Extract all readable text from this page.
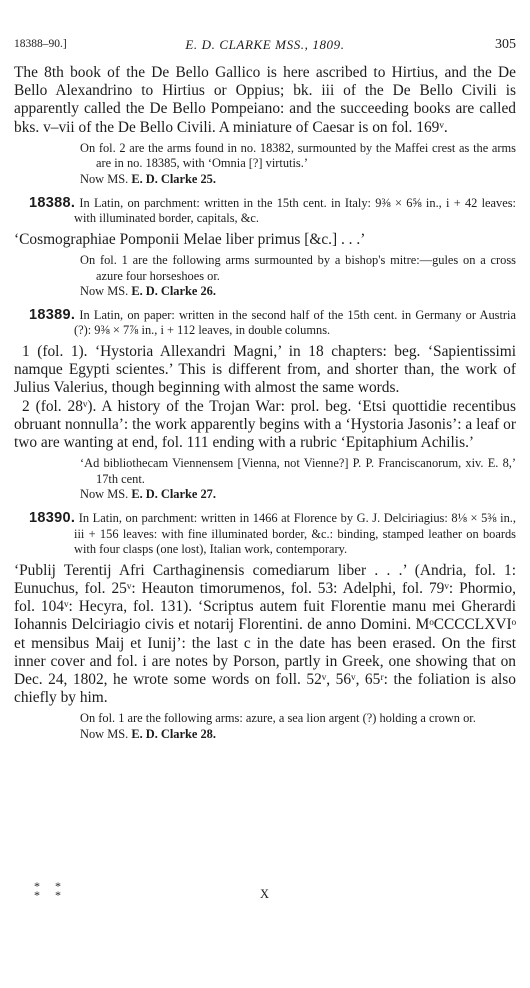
18388–90.]	E. D. CLARKE MSS., 1809.	305

The 8th book of the De Bello Gallico is here ascribed to Hirtius, and the De Bello Alexandrino to Hirtius or Oppius; bk. iii of the De Bello Civili is apparently called the De Bello Pompeiano: and the succeeding books are called bks. v–vii of the De Bello Civili. A miniature of Caesar is on fol. 169ᵛ.

On fol. 2 are the arms found in no. 18382, surmounted by the Maffei crest as the arms are in no. 18385, with ‘Omnia [?] virtutis.’

Now MS. E. D. Clarke 25.

18388. In Latin, on parchment: written in the 15th cent. in Italy: 9⅜ × 6⅝ in., i + 42 leaves: with illuminated border, capitals, &c.

‘Cosmographiae Pomponii Melae liber primus [&c.] . . .’

On fol. 1 are the following arms surmounted by a bishop's mitre:—gules on a cross azure four horseshoes or.

Now MS. E. D. Clarke 26.

18389. In Latin, on paper: written in the second half of the 15th cent. in Germany or Austria (?): 9⅜ × 7⅞ in., i + 112 leaves, in double columns.

1 (fol. 1). ‘Hystoria Allexandri Magni,’ in 18 chapters: beg. ‘Sapientissimi namque Egypti scientes.’ This is different from, and shorter than, the work of Julius Valerius, though beginning with almost the same words.

2 (fol. 28ᵛ). A history of the Trojan War: prol. beg. ‘Etsi quottidie recentibus obruant nonnulla’: the work apparently begins with a ‘Hystoria Jasonis’: a leaf or two are wanting at end, fol. 111 ending with a rubric ‘Epitaphium Achilis.’

‘Ad bibliothecam Viennensem [Vienna, not Vienne?] P. P. Franciscanorum, xiv. E. 8,’ 17th cent.

Now MS. E. D. Clarke 27.

18390. In Latin, on parchment: written in 1466 at Florence by G. J. Delciriagius: 8⅛ × 5⅜ in., iii + 156 leaves: with fine illuminated border, &c.: binding, stamped leather on boards with four clasps (one lost), Italian work, contemporary.

‘Publij Terentij Afri Carthaginensis comediarum liber . . .’ (Andria, fol. 1: Eunuchus, fol. 25ᵛ: Heauton timorumenos, fol. 53: Adelphi, fol. 79ᵛ: Phormio, fol. 104ᵛ: Hecyra, fol. 131). ‘Scriptus autem fuit Florentie manu mei Gherardi Iohannis Delciriagio civis et notarij Florentini. de anno Domini. MᵒCCCCLXVIᵒ et mensibus Maij et Iunij’: the last c in the date has been erased. On the first inner cover and fol. i are notes by Porson, partly in Greek, one showing that on Dec. 24, 1802, he wrote some words on foll. 52ᵛ, 56ᵛ, 65ʳ: the foliation is also chiefly by him.

On fol. 1 are the following arms: azure, a sea lion argent (?) holding a crown or.

Now MS. E. D. Clarke 28.

* *
* *	X
